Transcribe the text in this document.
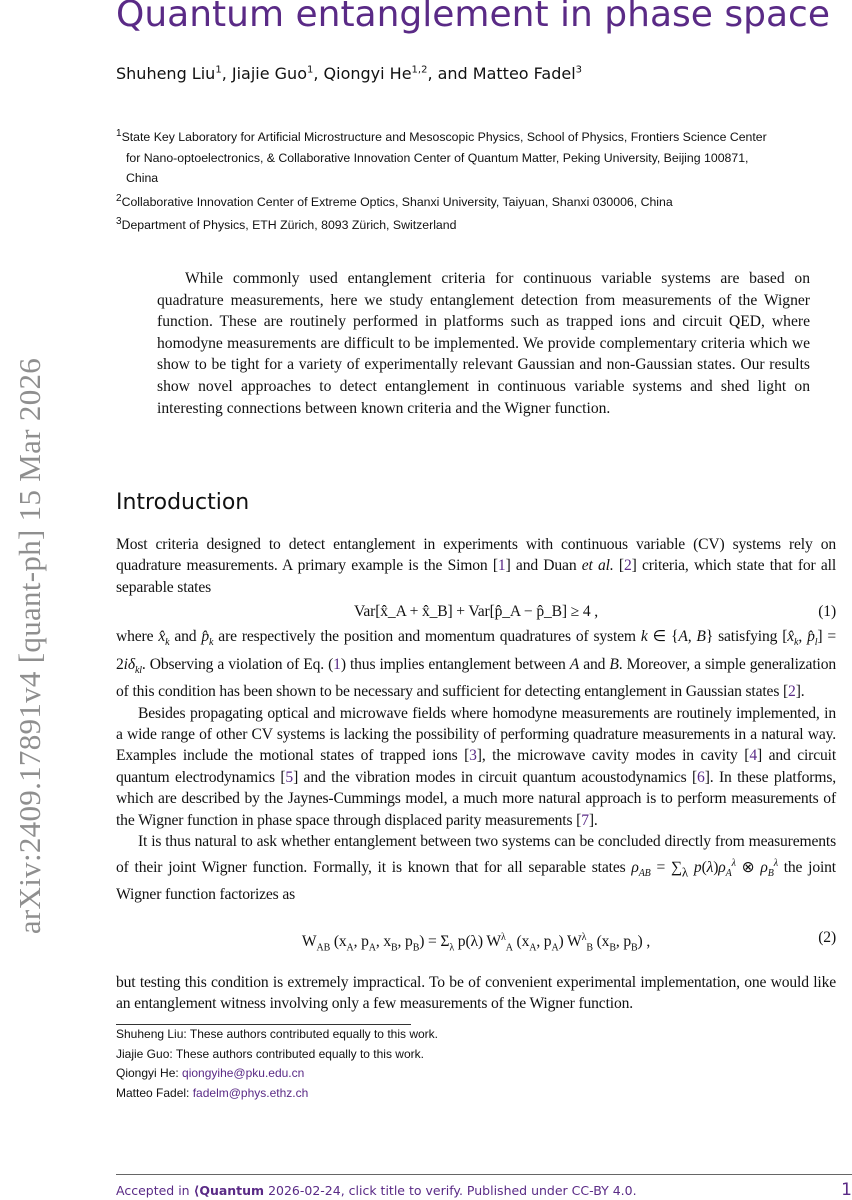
arXiv:2409.17891v4 [quant-ph] 15 Mar 2026
Quantum entanglement in phase space
Shuheng Liu$^1$, Jiajie Guo$^1$, Qiongyi He$^{1,2}$, and Matteo Fadel$^3$
$^1$State Key Laboratory for Artificial Microstructure and Mesoscopic Physics, School of Physics, Frontiers Science Center
for Nano-optoelectronics, & Collaborative Innovation Center of Quantum Matter, Peking University, Beijing 100871,
China
$^2$Collaborative Innovation Center of Extreme Optics, Shanxi University, Taiyuan, Shanxi 030006, China
$^3$Department of Physics, ETH Zürich, 8093 Zürich, Switzerland
While commonly used entanglement criteria for continuous variable systems are based on quadrature measurements, here we study entanglement detection from measurements of the Wigner function. These are routinely performed in platforms such as trapped ions and circuit QED, where homodyne measurements are difficult to be implemented. We provide complementary criteria which we show to be tight for a variety of experimentally relevant Gaussian and non-Gaussian states. Our results show novel approaches to detect entanglement in continuous variable systems and shed light on interesting connections between known criteria and the Wigner function.
Introduction

Most criteria designed to detect entanglement in experiments with continuous variable (CV) systems rely on quadrature measurements. A primary example is the Simon [1] and Duan et al. [2] criteria, which state that for all separable states

Var[x̂_A + x̂_B] + Var[p̂_A − p̂_B] ≥ 4 ,	(1)

where $x̂_k$ and $p̂_k$ are respectively the position and momentum quadratures of system k ∈ {A, B} satisfying [$x̂_k$, $p̂_l] = 2i\delta_{kl}$. Observing a violation of Eq. (1) thus implies entanglement between A and B. Moreover, a simple generalization of this condition has been shown to be necessary and sufficient for detecting entanglement in Gaussian states [2].

Besides propagating optical and microwave fields where homodyne measurements are routinely implemented, in a wide range of other CV systems is lacking the possibility of performing quadrature measurements in a natural way. Examples include the motional states of trapped ions [3], the microwave cavity modes in cavity [4] and circuit quantum electrodynamics [5] and the vibration modes in circuit quantum acoustodynamics [6]. In these platforms, which are described by the Jaynes-Cummings model, a much more natural approach is to perform measurements of the Wigner function in phase space through displaced parity measurements [7].

It is thus natural to ask whether entanglement between two systems can be concluded directly from measurements of their joint Wigner function. Formally, it is known that for all separable states $\rho_{AB} = \sum_\lambda$ $p(\lambda)\rho_A^\lambda$ ⊗ $\rho_B^\lambda$ the joint Wigner function factorizes as

$W_{AB}$ ($x_A$, $p_A$, $x_B$, $p_B) = \Sigma_\lambda$ p(λ) $W^\lambda_A$ ($x_A$, $p_A$) $W^\lambda_B$ ($x_B$, $p_B$) ,	(2)

but testing this condition is extremely impractical. To be of convenient experimental implementation, one would like an entanglement witness involving only a few measurements of the Wigner function.

Shuheng Liu: These authors contributed equally to this work.
Jiajie Guo: These authors contributed equally to this work.
Qiongyi He: qiongyihe@pku.edu.cn
Matteo Fadel: fadelm@phys.ethz.ch
Accepted in ⟨Quantum 2026-02-24, click title to verify. Published under CC-BY 4.0.	1
